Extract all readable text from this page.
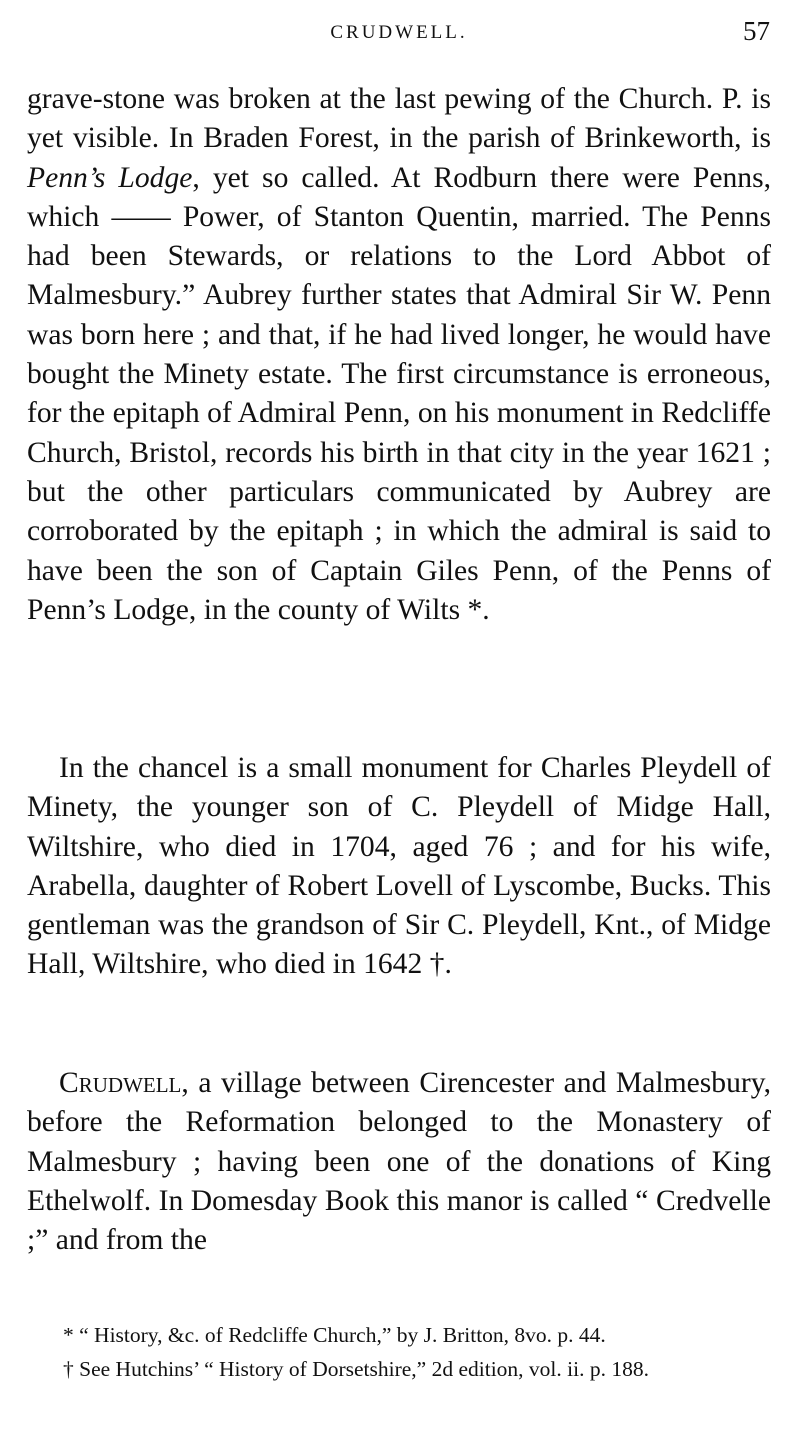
CRUDWELL.	57

grave-stone was broken at the last pewing of the Church. P. is yet visible. In Braden Forest, in the parish of Brinkeworth, is Penn’s Lodge, yet so called. At Rodburn there were Penns, which —— Power, of Stanton Quentin, married. The Penns had been Stewards, or relations to the Lord Abbot of Malmesbury.” Aubrey further states that Admiral Sir W. Penn was born here ; and that, if he had lived longer, he would have bought the Minety estate. The first circumstance is erroneous, for the epitaph of Admiral Penn, on his monument in Redcliffe Church, Bristol, records his birth in that city in the year 1621 ; but the other particulars communicated by Aubrey are corroborated by the epitaph ; in which the admiral is said to have been the son of Captain Giles Penn, of the Penns of Penn’s Lodge, in the county of Wilts *.

In the chancel is a small monument for Charles Pleydell of Minety, the younger son of C. Pleydell of Midge Hall, Wiltshire, who died in 1704, aged 76 ; and for his wife, Arabella, daughter of Robert Lovell of Lyscombe, Bucks. This gentleman was the grandson of Sir C. Pleydell, Knt., of Midge Hall, Wiltshire, who died in 1642 †.

Crudwell, a village between Cirencester and Malmesbury, before the Reformation belonged to the Monastery of Malmesbury ; having been one of the donations of King Ethelwolf. In Domesday Book this manor is called “ Credvelle ;” and from the

* “ History, &c. of Redcliffe Church,” by J. Britton, 8vo. p. 44.

† See Hutchins’ “ History of Dorsetshire,” 2d edition, vol. ii. p. 188.
